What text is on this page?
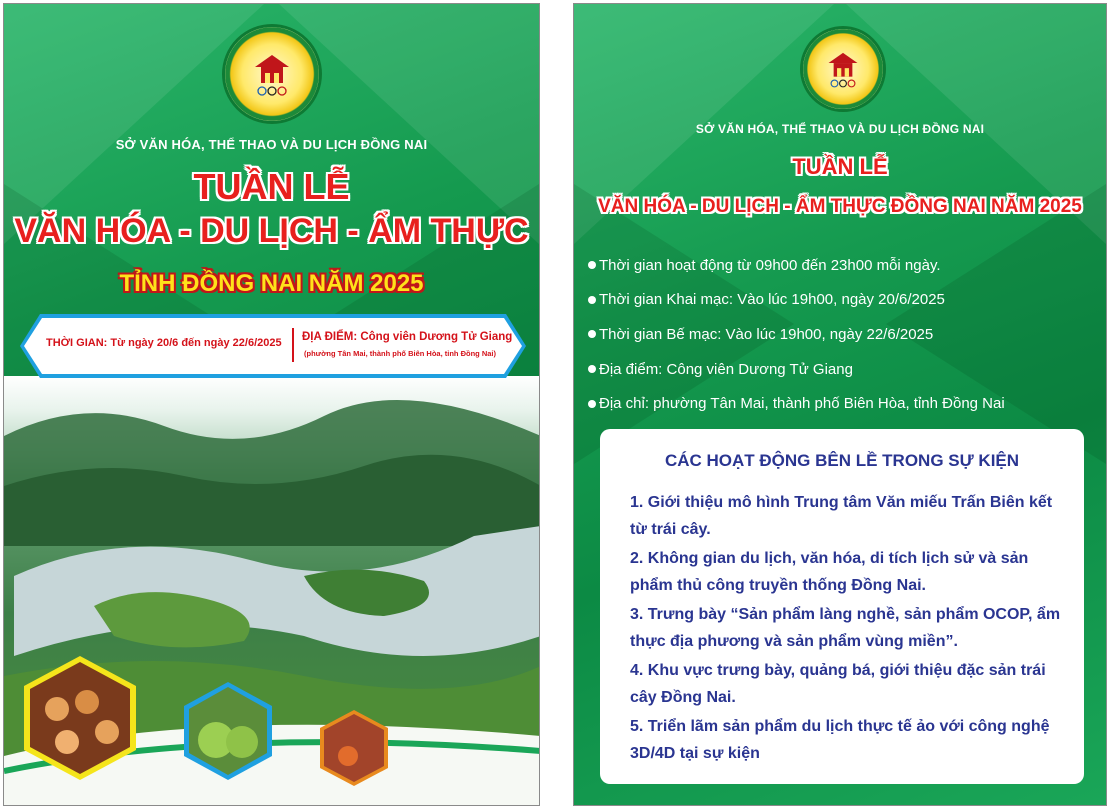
SỞ VĂN HÓA, THỂ THAO VÀ DU LỊCH ĐỒNG NAI
TUẦN LỄ
VĂN HÓA - DU LỊCH - ẨM THỰC
TỈNH ĐỒNG NAI NĂM 2025
THỜI GIAN: Từ ngày 20/6 đến ngày 22/6/2025 ĐỊA ĐIỂM: Công viên Dương Tử Giang
(phường Tân Mai, thành phố Biên Hòa, tỉnh Đồng Nai)
SỞ VĂN HÓA, THỂ THAO VÀ DU LỊCH ĐỒNG NAI
TUẦN LỄ
VĂN HÓA - DU LỊCH - ẨM THỰC ĐỒNG NAI NĂM 2025
Thời gian hoạt động từ 09h00 đến 23h00 mỗi ngày.
Thời gian Khai mạc: Vào lúc 19h00, ngày 20/6/2025
Thời gian Bế mạc: Vào lúc 19h00, ngày 22/6/2025
Địa điểm: Công viên Dương Tử Giang
Địa chỉ: phường Tân Mai, thành phố Biên Hòa, tỉnh Đồng Nai
CÁC HOẠT ĐỘNG BÊN LỀ TRONG SỰ KIỆN
1. Giới thiệu mô hình Trung tâm Văn miếu Trấn Biên kết từ trái cây.
2. Không gian du lịch, văn hóa, di tích lịch sử và sản phẩm thủ công truyền thống Đồng Nai.
3. Trưng bày “Sản phẩm làng nghề, sản phẩm OCOP, ẩm thực địa phương và sản phẩm vùng miền”.
4. Khu vực trưng bày, quảng bá, giới thiệu đặc sản trái cây Đồng Nai.
5. Triển lãm sản phẩm du lịch thực tế ảo với công nghệ 3D/4D tại sự kiện
